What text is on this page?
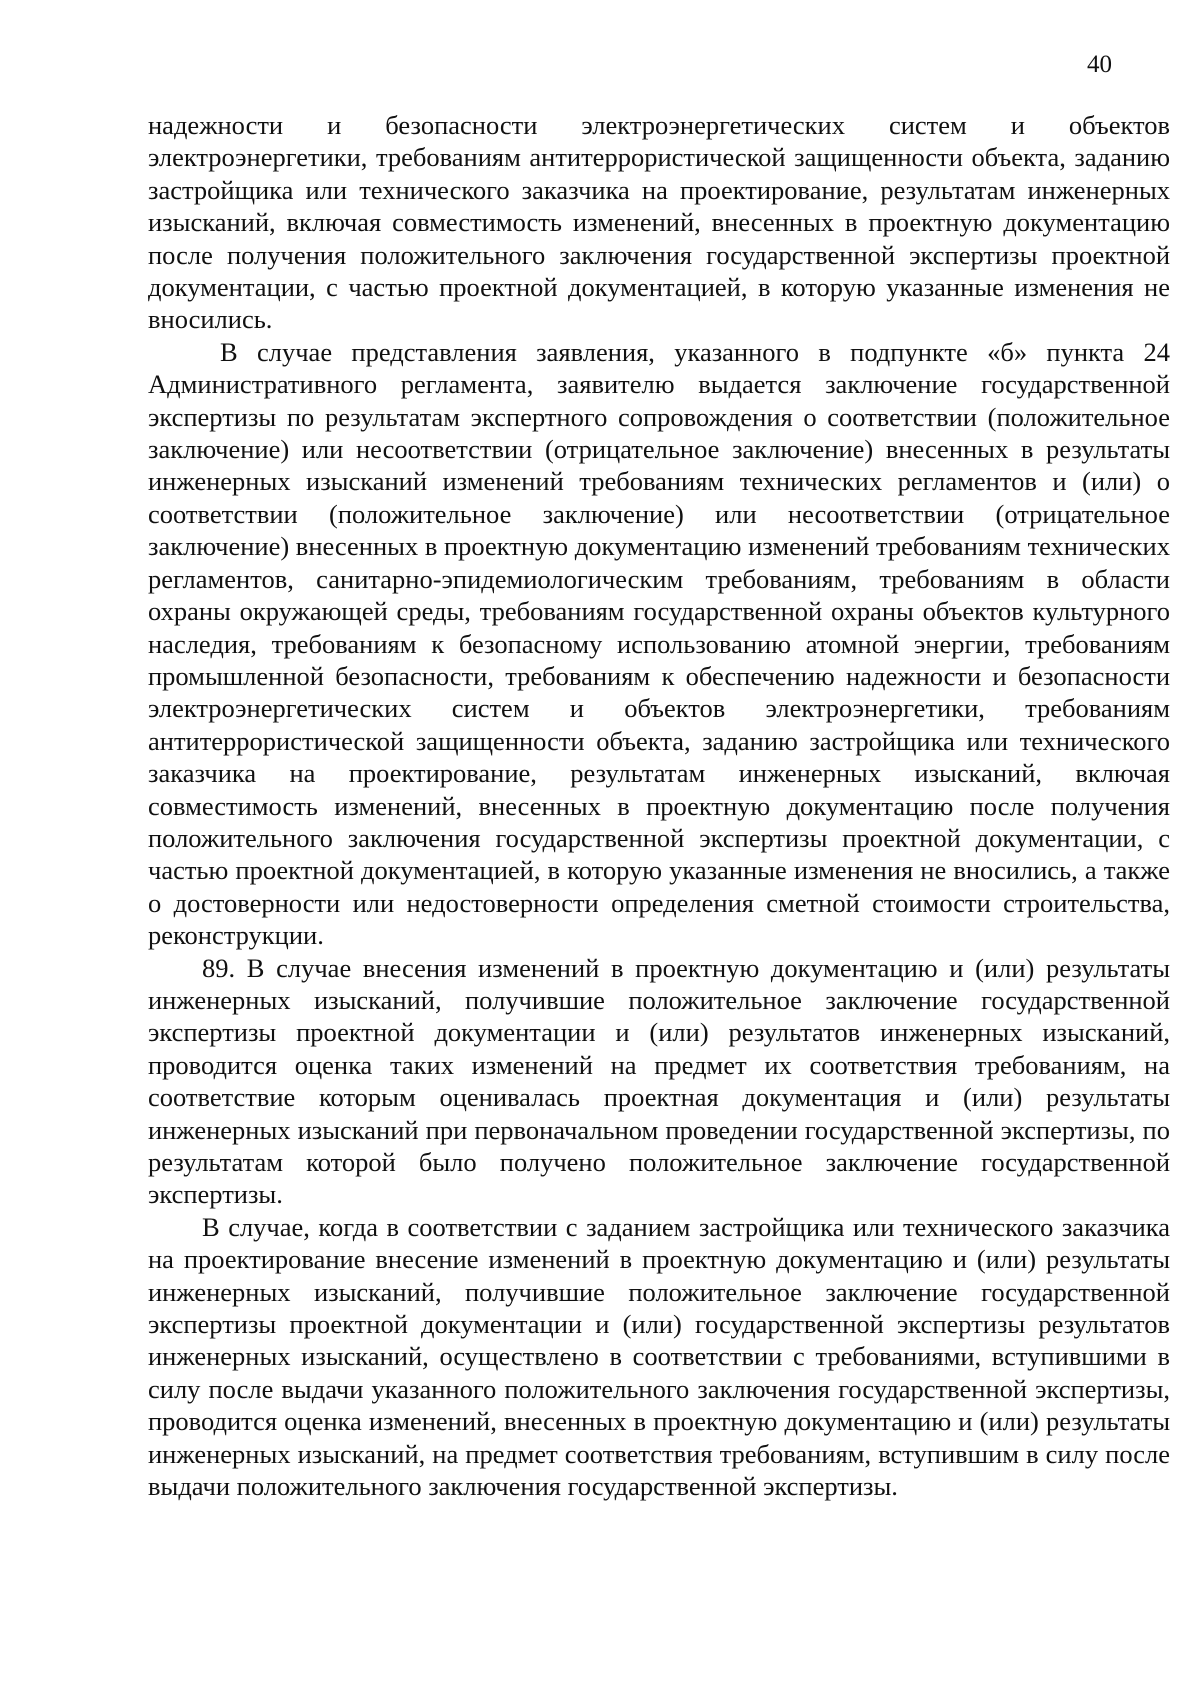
40

надежности и безопасности электроэнергетических систем и объектов электроэнергетики, требованиям антитеррористической защищенности объекта, заданию застройщика или технического заказчика на проектирование, результатам инженерных изысканий, включая совместимость изменений, внесенных в проектную документацию после получения положительного заключения государственной экспертизы проектной документации, с частью проектной документацией, в которую указанные изменения не вносились.

В случае представления заявления, указанного в подпункте «б» пункта 24 Административного регламента, заявителю выдается заключение государственной экспертизы по результатам экспертного сопровождения о соответствии (положительное заключение) или несоответствии (отрицательное заключение) внесенных в результаты инженерных изысканий изменений требованиям технических регламентов и (или) о соответствии (положительное заключение) или несоответствии (отрицательное заключение) внесенных в проектную документацию изменений требованиям технических регламентов, санитарно-эпидемиологическим требованиям, требованиям в области охраны окружающей среды, требованиям государственной охраны объектов культурного наследия, требованиям к безопасному использованию атомной энергии, требованиям промышленной безопасности, требованиям к обеспечению надежности и безопасности электроэнергетических систем и объектов электроэнергетики, требованиям антитеррористической защищенности объекта, заданию застройщика или технического заказчика на проектирование, результатам инженерных изысканий, включая совместимость изменений, внесенных в проектную документацию после получения положительного заключения государственной экспертизы проектной документации, с частью проектной документацией, в которую указанные изменения не вносились, а также о достоверности или недостоверности определения сметной стоимости строительства, реконструкции.

89. В случае внесения изменений в проектную документацию и (или) результаты инженерных изысканий, получившие положительное заключение государственной экспертизы проектной документации и (или) результатов инженерных изысканий, проводится оценка таких изменений на предмет их соответствия требованиям, на соответствие которым оценивалась проектная документация и (или) результаты инженерных изысканий при первоначальном проведении государственной экспертизы, по результатам которой было получено положительное заключение государственной экспертизы.

В случае, когда в соответствии с заданием застройщика или технического заказчика на проектирование внесение изменений в проектную документацию и (или) результаты инженерных изысканий, получившие положительное заключение государственной экспертизы проектной документации и (или) государственной экспертизы результатов инженерных изысканий, осуществлено в соответствии с требованиями, вступившими в силу после выдачи указанного положительного заключения государственной экспертизы, проводится оценка изменений, внесенных в проектную документацию и (или) результаты инженерных изысканий, на предмет соответствия требованиям, вступившим в силу после выдачи положительного заключения государственной экспертизы.
